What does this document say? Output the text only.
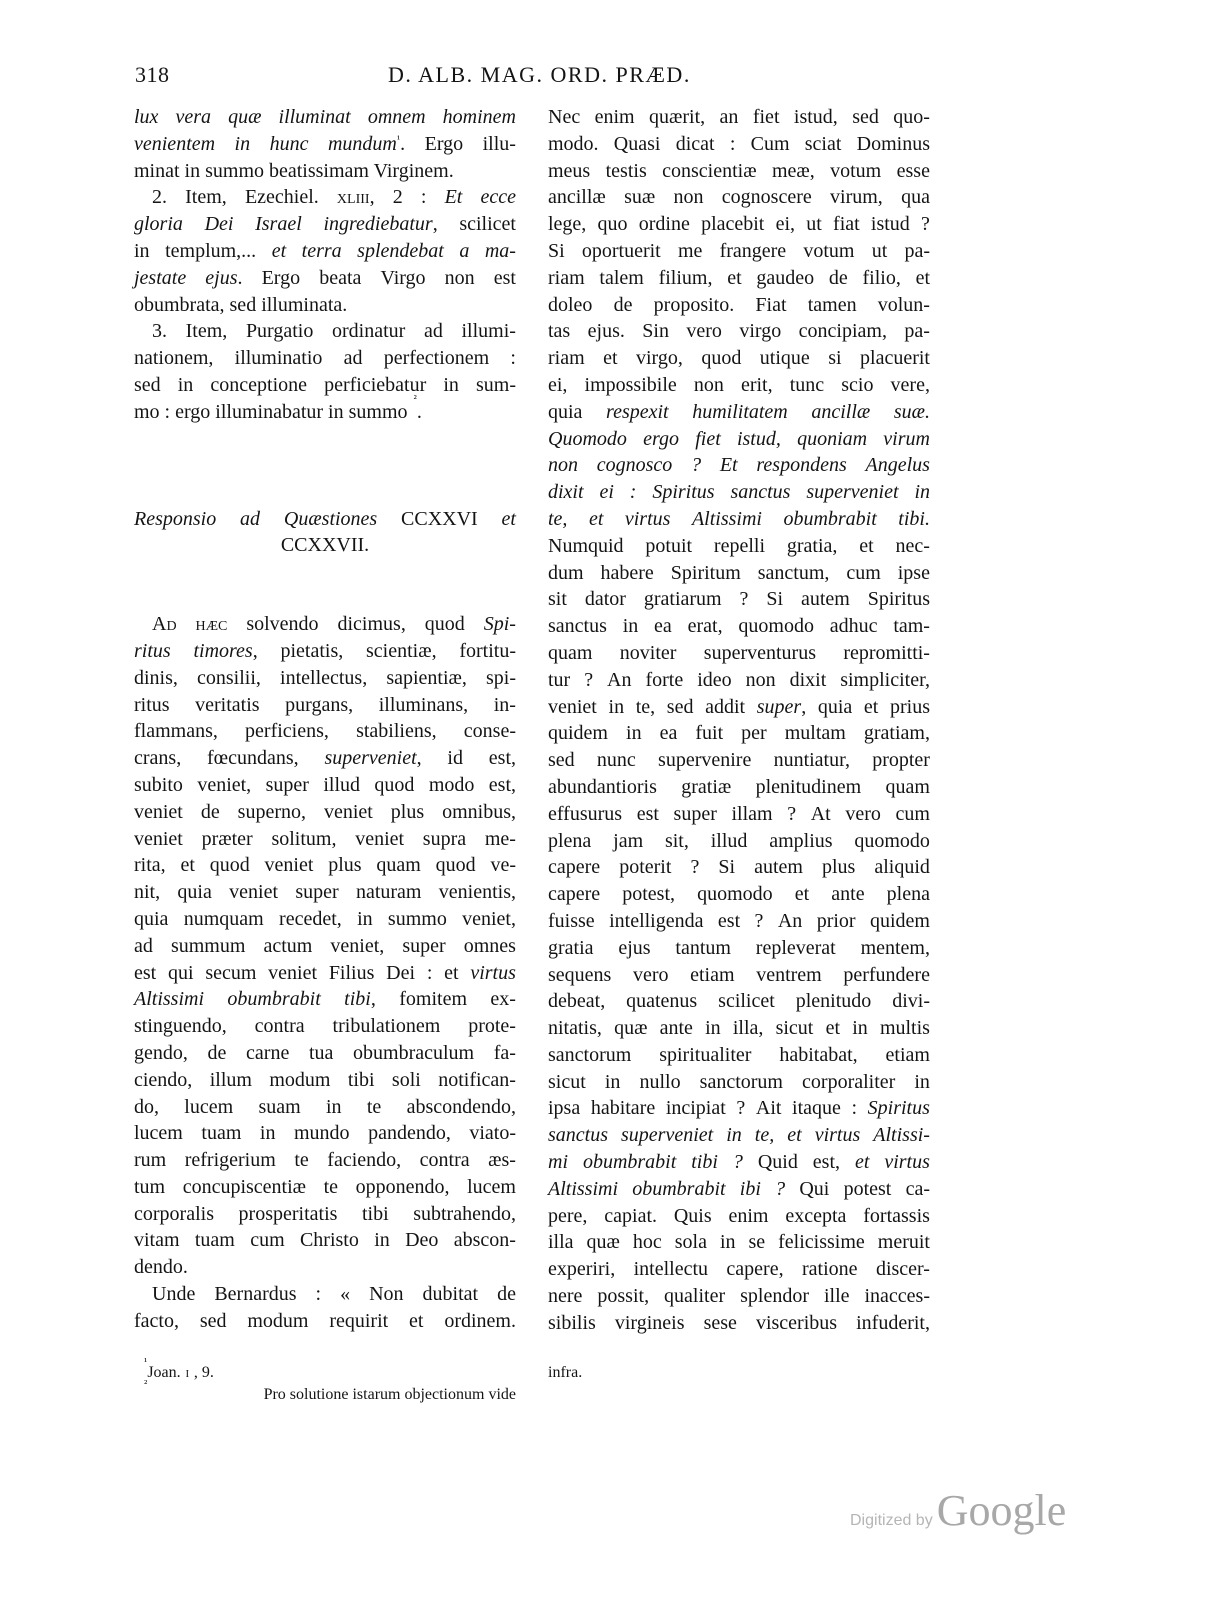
318	D. ALB. MAG. ORD. PRÆD.
lux vera quæ illuminat omnem hominem
venientem in hunc mundum$^{^1}$. Ergo illu-
minat in summo beatissimam Virginem.
2. Item, Ezechiel. xliii, 2 : Et ecce
gloria Dei Israel ingrediebatur, scilicet
in templum,... et terra splendebat a ma-
jestate ejus. Ergo beata Virgo non est
obumbrata, sed illuminata.
3. Item, Purgatio ordinatur ad illumi-
nationem, illuminatio ad perfectionem :
sed in conceptione perficiebatur in sum-
mo : ergo illuminabatur in summo
²
.
Responsio ad Quæstiones CCXXVI et
CCXXVII.
Ad hæc solvendo dicimus, quod Spi-
ritus timores, pietatis, scientiæ, fortitu-
dinis, consilii, intellectus, sapientiæ, spi-
ritus veritatis purgans, illuminans, in-
flammans, perficiens, stabiliens, conse-
crans, fœcundans, superveniet, id est,
subito veniet, super illud quod modo est,
veniet de superno, veniet plus omnibus,
veniet præter solitum, veniet supra me-
rita, et quod veniet plus quam quod ve-
nit, quia veniet super naturam venientis,
quia numquam recedet, in summo veniet,
ad summum actum veniet, super omnes
est qui secum veniet Filius Dei : et virtus
Altissimi obumbrabit tibi, fomitem ex-
stinguendo, contra tribulationem prote-
gendo, de carne tua obumbraculum fa-
ciendo, illum modum tibi soli notifican-
do, lucem suam in te abscondendo,
lucem tuam in mundo pandendo, viato-
rum refrigerium te faciendo, contra æs-
tum concupiscentiæ te opponendo, lucem
corporalis prosperitatis tibi subtrahendo,
vitam tuam cum Christo in Deo abscon-
dendo.
Unde Bernardus : « Non dubitat de
facto, sed modum requirit et ordinem.
Nec enim quærit, an fiet istud, sed quo-
modo. Quasi dicat : Cum sciat Dominus
meus testis conscientiæ meæ, votum esse
ancillæ suæ non cognoscere virum, qua
lege, quo ordine placebit ei, ut fiat istud ?
Si oportuerit me frangere votum ut pa-
riam talem filium, et gaudeo de filio, et
doleo de proposito. Fiat tamen volun-
tas ejus. Sin vero virgo concipiam, pa-
riam et virgo, quod utique si placuerit
ei, impossibile non erit, tunc scio vere,
quia respexit humilitatem ancillæ suæ.
Quomodo ergo fiet istud, quoniam virum
non cognosco ? Et respondens Angelus
dixit ei : Spiritus sanctus superveniet in
te, et virtus Altissimi obumbrabit tibi.
Numquid potuit repelli gratia, et nec-
dum habere Spiritum sanctum, cum ipse
sit dator gratiarum ? Si autem Spiritus
sanctus in ea erat, quomodo adhuc tam-
quam noviter superventurus repromitti-
tur ? An forte ideo non dixit simpliciter,
veniet in te, sed addit super, quia et prius
quidem in ea fuit per multam gratiam,
sed nunc supervenire nuntiatur, propter
abundantioris gratiæ plenitudinem quam
effusurus est super illam ? At vero cum
plena jam sit, illud amplius quomodo
capere poterit ? Si autem plus aliquid
capere potest, quomodo et ante plena
fuisse intelligenda est ? An prior quidem
gratia ejus tantum repleverat mentem,
sequens vero etiam ventrem perfundere
debeat, quatenus scilicet plenitudo divi-
nitatis, quæ ante in illa, sicut et in multis
sanctorum spiritualiter habitabat, etiam
sicut in nullo sanctorum corporaliter in
ipsa habitare incipiat ? Ait itaque : Spiritus
sanctus superveniet in te, et virtus Altissi-
mi obumbrabit tibi ? Quid est, et virtus
Altissimi obumbrabit ibi ? Qui potest ca-
pere, capiat. Quis enim excepta fortassis
illa quæ hoc sola in se felicissime meruit
experiri, intellectu capere, ratione discer-
nere possit, qualiter splendor ille inacces-
sibilis virgineis sese visceribus infuderit,
¹
Joan. i , 9.
²
Pro solutione istarum objectionum vide
infra.
Digitized by Google
